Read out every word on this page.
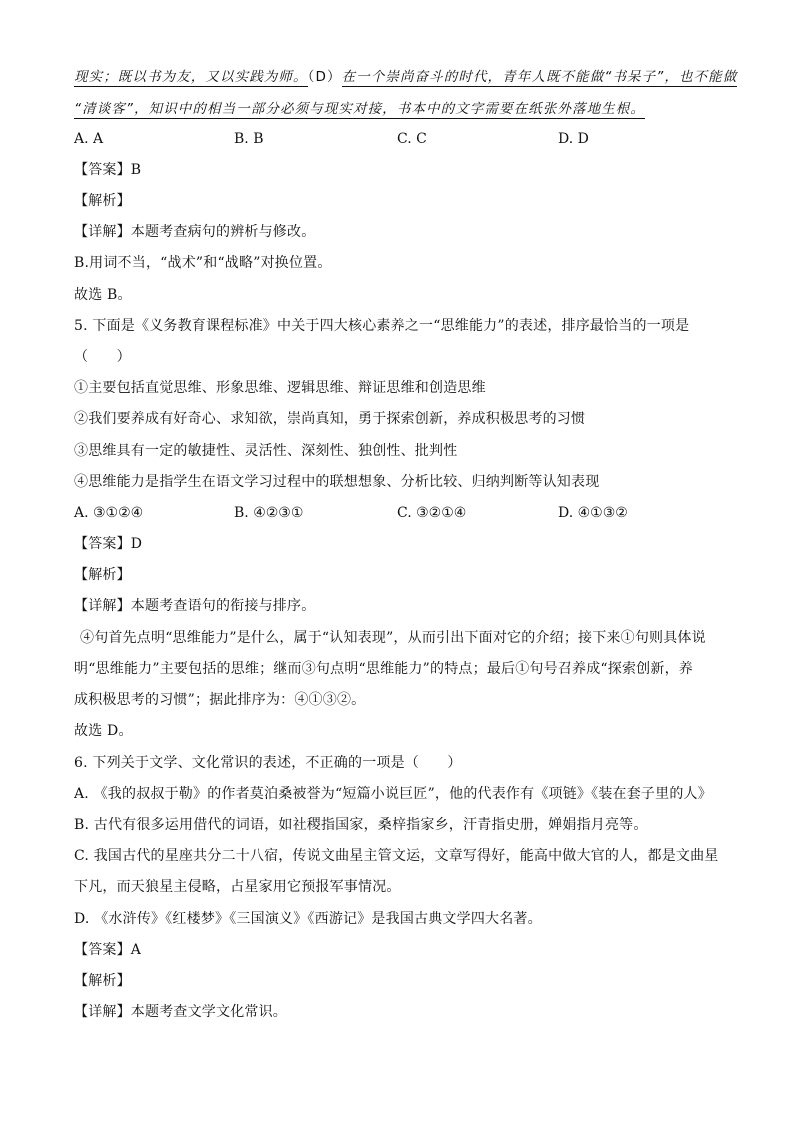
现实；既以书为友，又以实践为师。（D）在一个崇尚奋斗的时代，青年人既不能做“书呆子”，也不能做
“清谈客”，知识中的相当一部分必须与现实对接，书本中的文字需要在纸张外落地生根。
A. A	B. B	C. C	D. D
【答案】B
【解析】
【详解】本题考查病句的辨析与修改。
B.用词不当，“战术”和“战略”对换位置。
故选 B。
5. 下面是《义务教育课程标准》中关于四大核心素养之一“思维能力”的表述，排序最恰当的一项是
（　　）
①主要包括直觉思维、形象思维、逻辑思维、辩证思维和创造思维
②我们要养成有好奇心、求知欲，崇尚真知，勇于探索创新，养成积极思考的习惯
③思维具有一定的敏捷性、灵活性、深刻性、独创性、批判性
④思维能力是指学生在语文学习过程中的联想想象、分析比较、归纳判断等认知表现
A. ③①②④	B. ④②③①	C. ③②①④	D. ④①③②
【答案】D
【解析】
【详解】本题考查语句的衔接与排序。
④句首先点明“思维能力”是什么，属于“认知表现”，从而引出下面对它的介绍；接下来①句则具体说
明“思维能力”主要包括的思维；继而③句点明“思维能力”的特点；最后①句号召养成“探索创新，养
成积极思考的习惯”；据此排序为：④①③②。
故选 D。
6. 下列关于文学、文化常识的表述，不正确的一项是（　　）
A. 《我的叔叔于勒》的作者莫泊桑被誉为“短篇小说巨匠”，他的代表作有《项链》《装在套子里的人》
B. 古代有很多运用借代的词语，如社稷指国家，桑梓指家乡，汗青指史册，婵娟指月亮等。
C. 我国古代的星座共分二十八宿，传说文曲星主管文运，文章写得好，能高中做大官的人，都是文曲星
下凡，而天狼星主侵略，占星家用它预报军事情况。
D. 《水浒传》《红楼梦》《三国演义》《西游记》是我国古典文学四大名著。
【答案】A
【解析】
【详解】本题考查文学文化常识。
